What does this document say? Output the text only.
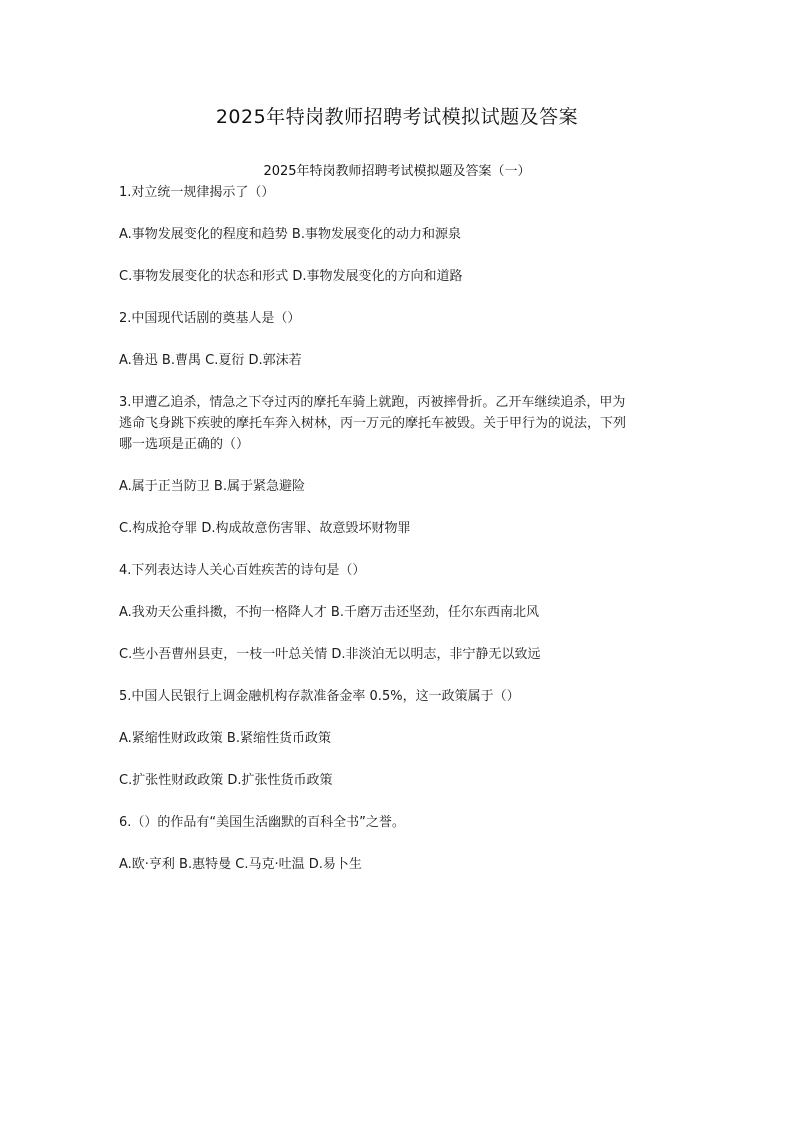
2025年特岗教师招聘考试模拟试题及答案
2025年特岗教师招聘考试模拟题及答案（一）

1.对立统一规律揭示了（）

A.事物发展变化的程度和趋势 B.事物发展变化的动力和源泉

C.事物发展变化的状态和形式 D.事物发展变化的方向和道路

2.中国现代话剧的奠基人是（）

A.鲁迅 B.曹禺 C.夏衍 D.郭沫若

3.甲遭乙追杀，情急之下夺过丙的摩托车骑上就跑，丙被摔骨折。乙开车继续追杀，甲为

逃命飞身跳下疾驶的摩托车奔入树林，丙一万元的摩托车被毁。关于甲行为的说法，下列

哪一选项是正确的（）

A.属于正当防卫 B.属于紧急避险

C.构成抢夺罪 D.构成故意伤害罪、故意毁坏财物罪

4.下列表达诗人关心百姓疾苦的诗句是（）

A.我劝天公重抖擞，不拘一格降人才 B.千磨万击还坚劲，任尔东西南北风

C.些小吾曹州县吏，一枝一叶总关情 D.非淡泊无以明志，非宁静无以致远

5.中国人民银行上调金融机构存款准备金率 0.5%，这一政策属于（）

A.紧缩性财政政策 B.紧缩性货币政策

C.扩张性财政政策 D.扩张性货币政策

6.（）的作品有“美国生活幽默的百科全书”之誉。

A.欧·亨利 B.惠特曼 C.马克·吐温 D.易卜生
